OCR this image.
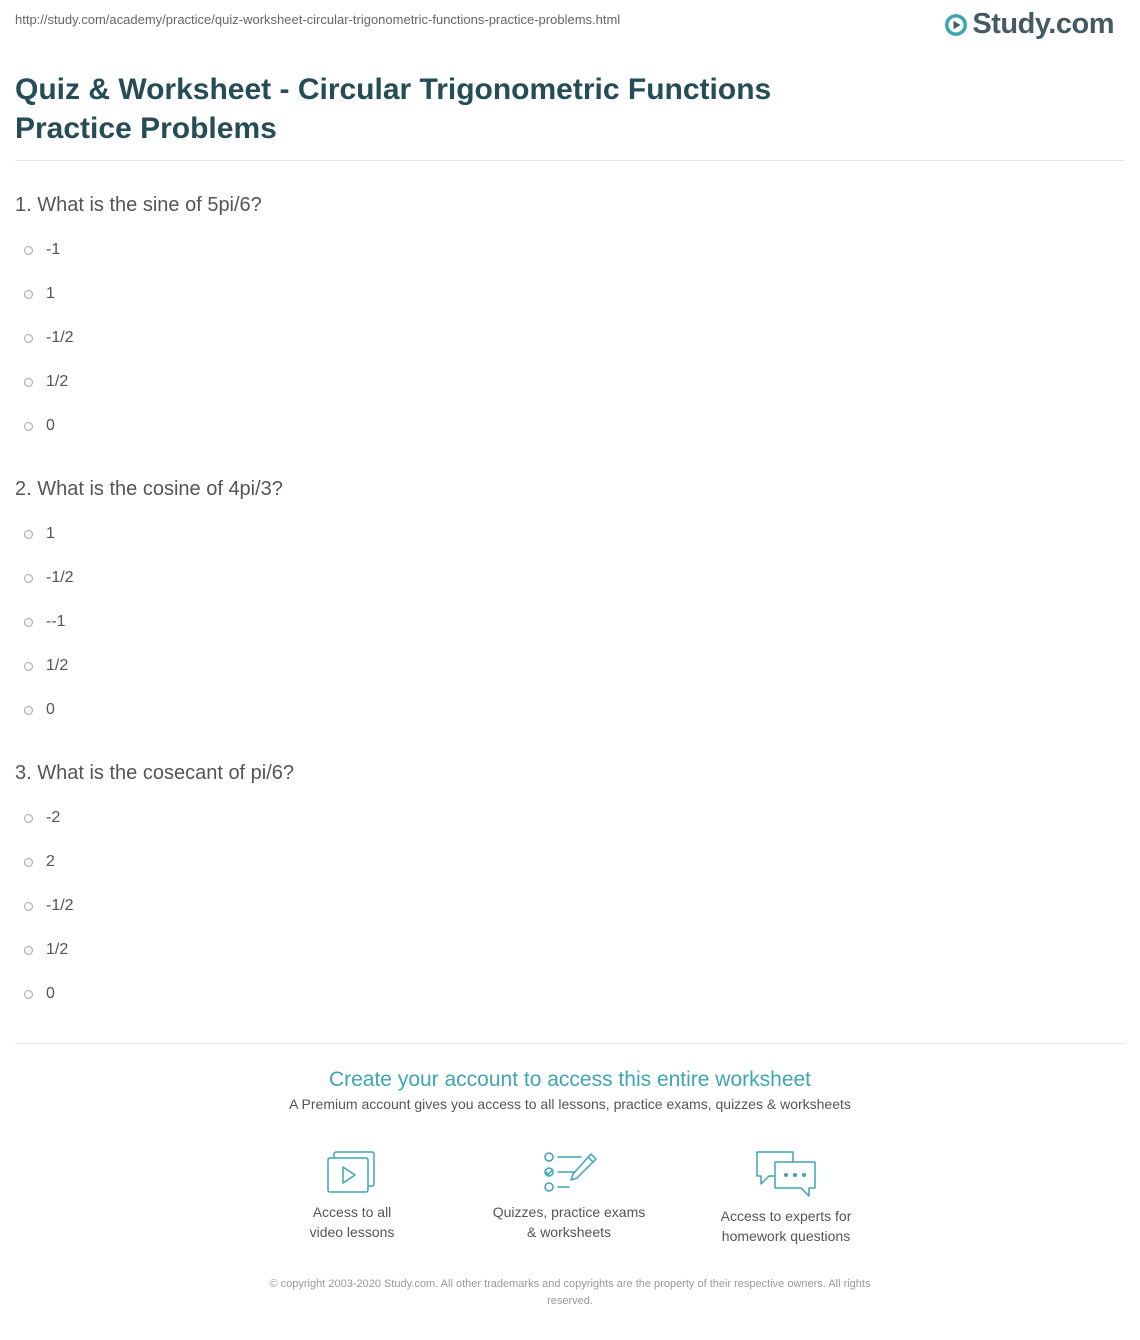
http://study.com/academy/practice/quiz-worksheet-circular-trigonometric-functions-practice-problems.html	Study.com
Quiz & Worksheet - Circular Trigonometric Functions
Practice Problems

1. What is the sine of 5pi/6?

-1
1
-1/2
1/2
0

2. What is the cosine of 4pi/3?

1
-1/2
--1
1/2
0

3. What is the cosecant of pi/6?

-2
2
-1/2
1/2
0

Create your account to access this entire worksheet

A Premium account gives you access to all lessons, practice exams, quizzes & worksheets
Access to all
video lessons
Quizzes, practice exams
& worksheets
Access to experts for
homework questions
© copyright 2003-2020 Study.com. All other trademarks and copyrights are the property of their respective owners. All rights
reserved.
